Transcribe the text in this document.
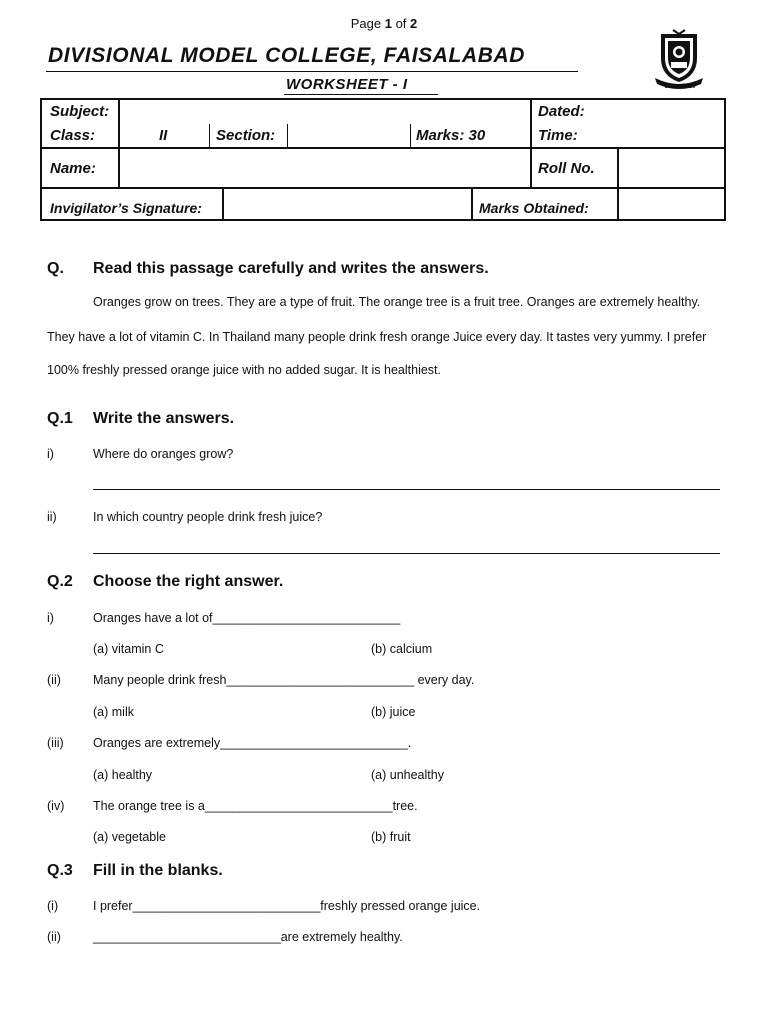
Page 1 of 2
DIVISIONAL MODEL COLLEGE, FAISALABAD
WORKSHEET - I	Since 1989
Subject:	Dated:
Class:	II	Section:	Marks: 30	Time:
Name:	Roll No.
Invigilator’s Signature:	Marks Obtained:
Q. Read this passage carefully and writes the answers.
Oranges grow on trees. They are a type of fruit. The orange tree is a fruit tree. Oranges are extremely healthy.
They have a lot of vitamin C. In Thailand many people drink fresh orange Juice every day. It tastes very yummy. I prefer
100% freshly pressed orange juice with no added sugar. It is healthiest.
Q.1 Write the answers.
i)	Where do oranges grow?
ii)	In which country people drink fresh juice?
Q.2 Choose the right answer.
i)	Oranges have a lot of___________________________
(a) vitamin C	(b) calcium
(ii)	Many people drink fresh___________________________ every day.
(a) milk	(b) juice
(iii) Oranges are extremely___________________________.
(a) healthy	(a) unhealthy
(iv) The orange tree is a___________________________tree.
(a) vegetable	(b) fruit
Q.3 Fill in the blanks.
(i)	I prefer___________________________freshly pressed orange juice.
(ii)	___________________________are extremely healthy.
